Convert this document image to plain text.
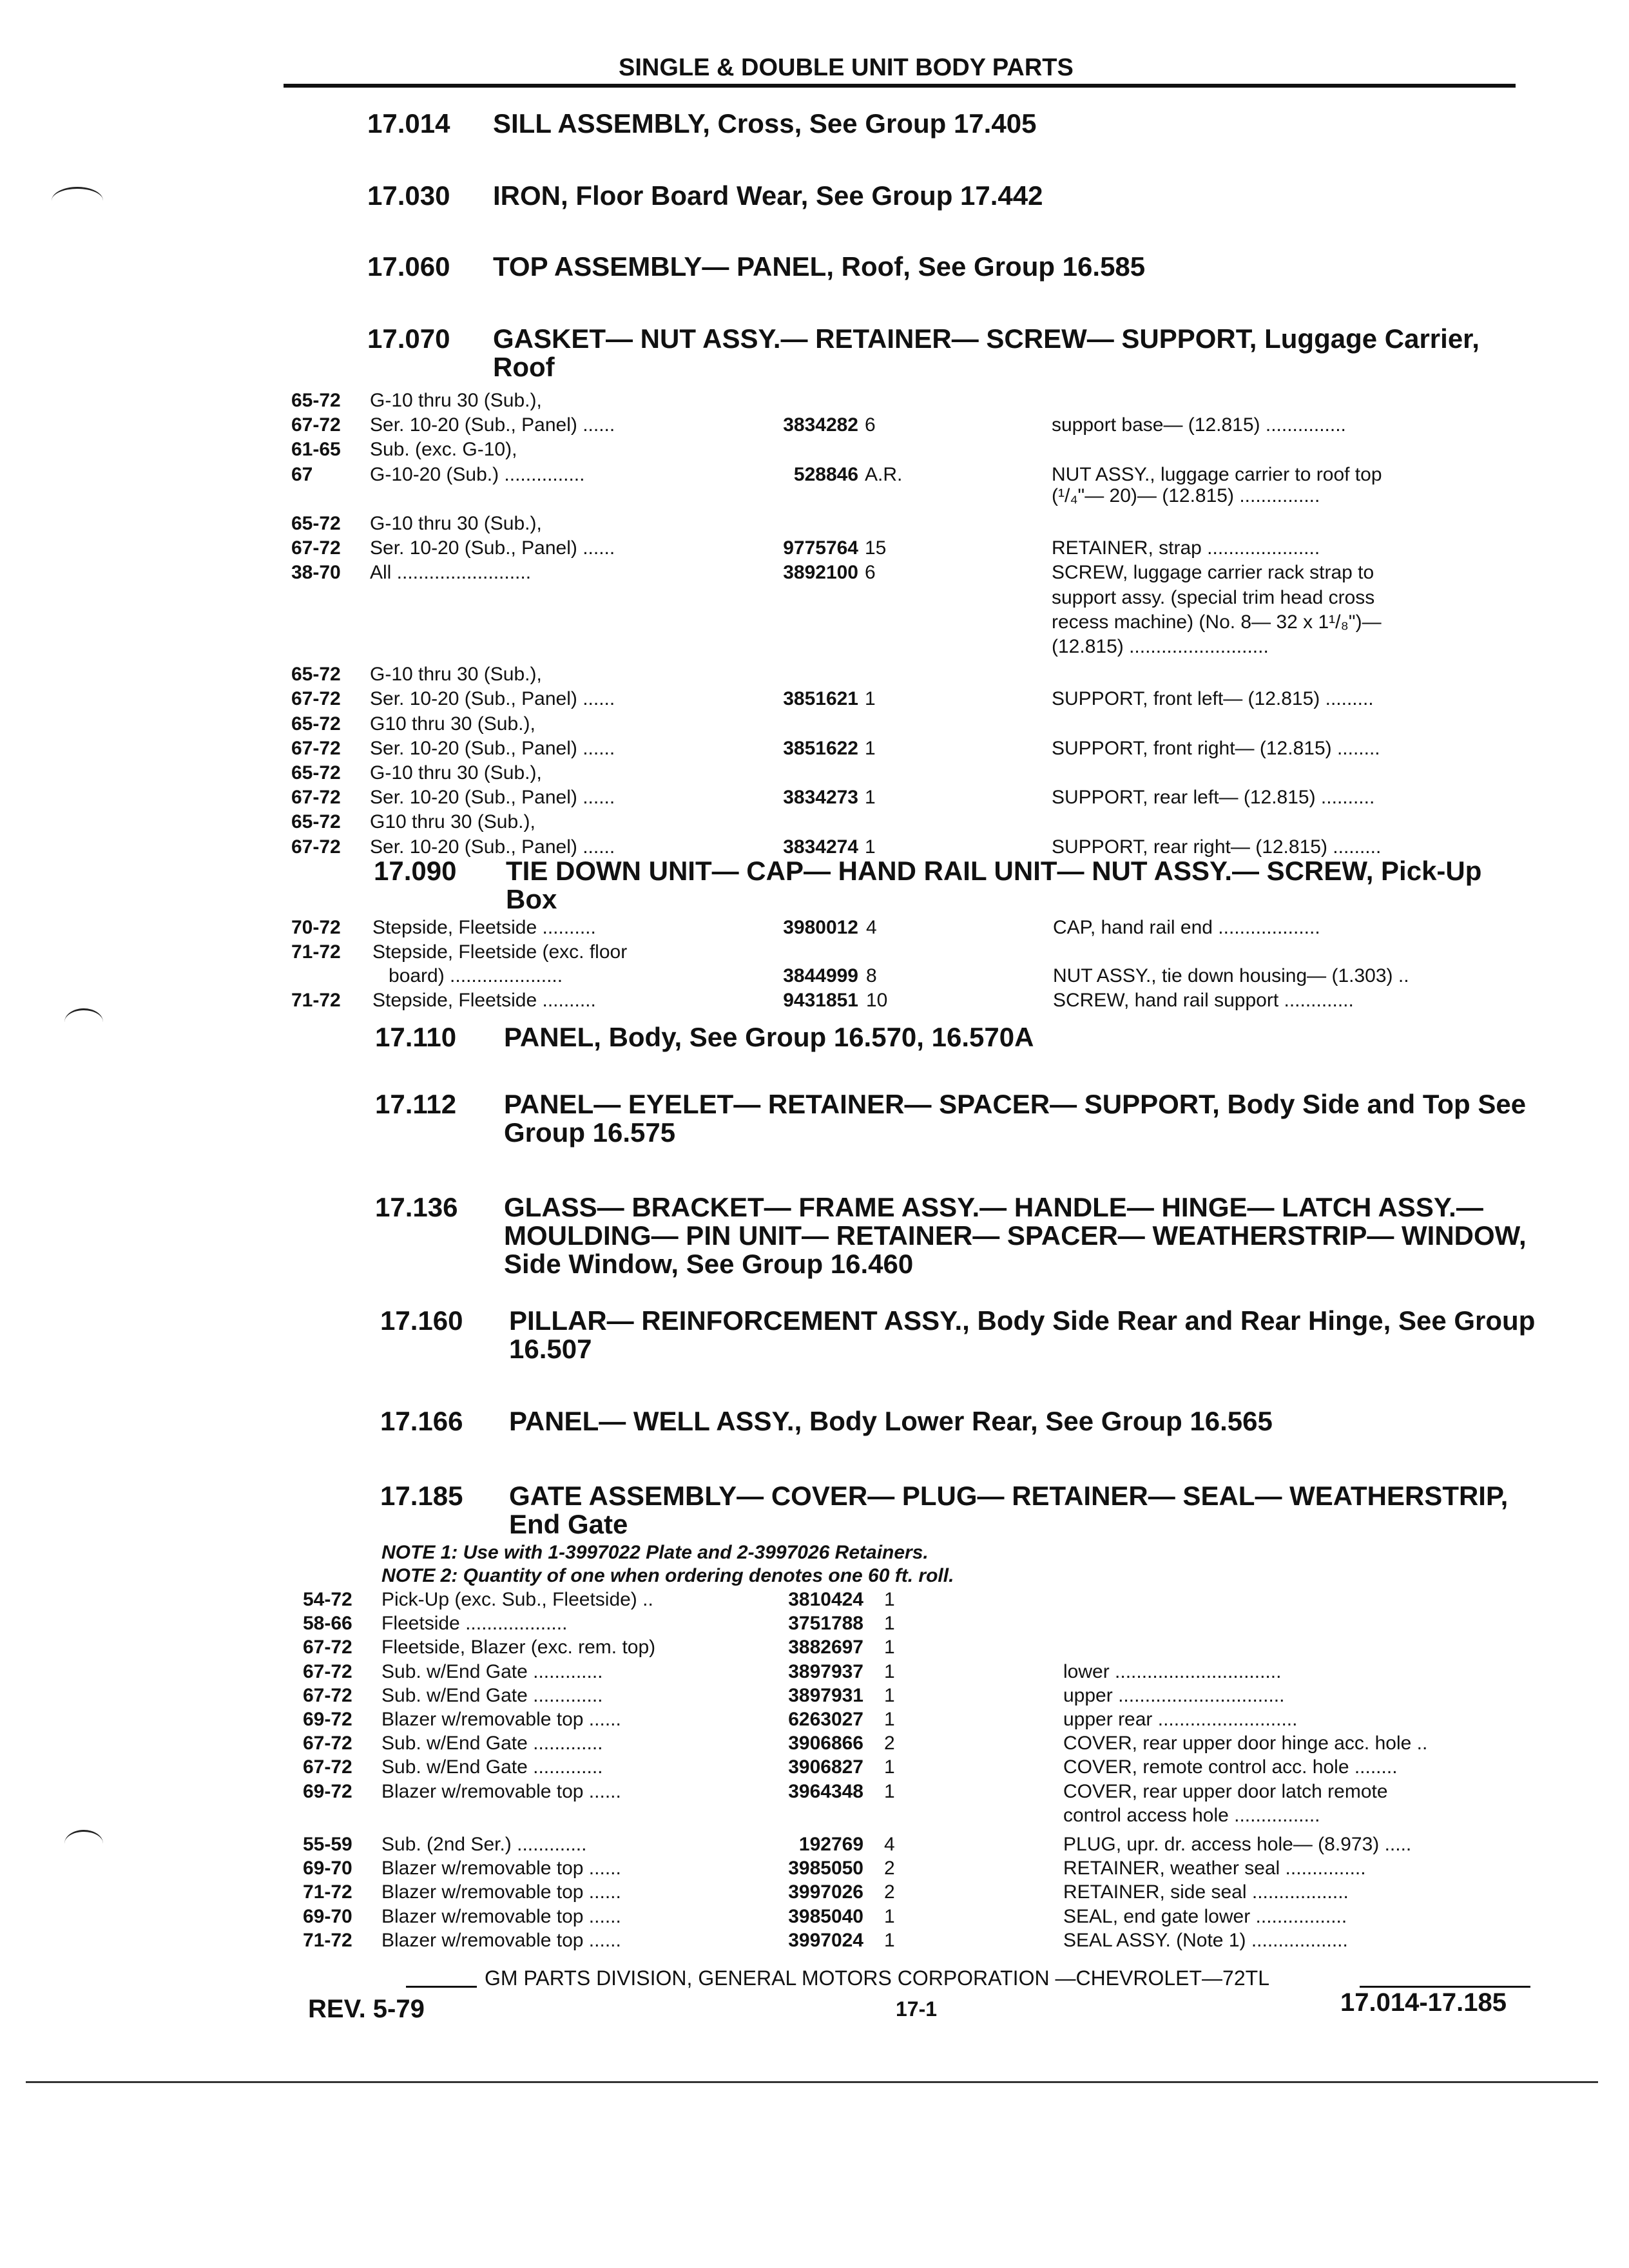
SINGLE & DOUBLE UNIT BODY PARTS
17.014 SILL ASSEMBLY, Cross, See Group 17.405
17.030 IRON, Floor Board Wear, See Group 17.442
17.060 TOP ASSEMBLY— PANEL, Roof, See Group 16.585
17.070 GASKET— NUT ASSY.— RETAINER— SCREW— SUPPORT, Luggage Carrier, Roof
65-72 G-10 thru 30 (Sub.),
67-72 Ser. 10-20 (Sub., Panel) ......	3834282 6	support base— (12.815) ...............
61-65 Sub. (exc. G-10),
67	G-10-20 (Sub.) ...............	528846 A.R.	NUT ASSY., luggage carrier to roof top
(¹/₄"— 20)— (12.815) ...............
65-72 G-10 thru 30 (Sub.),
67-72 Ser. 10-20 (Sub., Panel) ......	9775764 15	RETAINER, strap .....................
38-70 All .........................	3892100 6	SCREW, luggage carrier rack strap to
support assy. (special trim head cross
recess machine) (No. 8— 32 x 1¹/₈")—
(12.815) ..........................
65-72 G-10 thru 30 (Sub.),
67-72 Ser. 10-20 (Sub., Panel) ......	3851621 1	SUPPORT, front left— (12.815) .........
65-72 G10 thru 30 (Sub.),
67-72 Ser. 10-20 (Sub., Panel) ......	3851622 1	SUPPORT, front right— (12.815) ........
65-72 G-10 thru 30 (Sub.),
67-72 Ser. 10-20 (Sub., Panel) ......	3834273 1	SUPPORT, rear left— (12.815) ..........
65-72 G10 thru 30 (Sub.),
67-72 Ser. 10-20 (Sub., Panel) ......	3834274 1	SUPPORT, rear right— (12.815) .........
17.090 TIE DOWN UNIT— CAP— HAND RAIL UNIT— NUT ASSY.— SCREW, Pick-Up Box
70-72 Stepside, Fleetside ..........	3980012 4	CAP, hand rail end ...................
71-72 Stepside, Fleetside (exc. floor
board) .....................	3844999 8	NUT ASSY., tie down housing— (1.303) ..
71-72 Stepside, Fleetside ..........	9431851 10	SCREW, hand rail support .............
17.110 PANEL, Body, See Group 16.570, 16.570A
17.112 PANEL— EYELET— RETAINER— SPACER— SUPPORT, Body Side and Top See Group 16.575
17.136 GLASS— BRACKET— FRAME ASSY.— HANDLE— HINGE— LATCH ASSY.— MOULDING— PIN UNIT— RETAINER— SPACER— WEATHERSTRIP— WINDOW, Side Window, See Group 16.460
17.160 PILLAR— REINFORCEMENT ASSY., Body Side Rear and Rear Hinge, See Group 16.507
17.166 PANEL— WELL ASSY., Body Lower Rear, See Group 16.565
17.185 GATE ASSEMBLY— COVER— PLUG— RETAINER— SEAL— WEATHERSTRIP, End Gate
NOTE 1: Use with 1-3997022 Plate and 2-3997026 Retainers.
NOTE 2: Quantity of one when ordering denotes one 60 ft. roll.
54-72 Pick-Up (exc. Sub., Fleetside) ..	3810424 1
58-66 Fleetside ...................	3751788 1
67-72 Fleetside, Blazer (exc. rem. top)	3882697 1
67-72 Sub. w/End Gate .............	3897937 1	lower ...............................
67-72 Sub. w/End Gate .............	3897931 1	upper ...............................
69-72 Blazer w/removable top ......	6263027 1	upper rear ..........................
67-72 Sub. w/End Gate .............	3906866 2	COVER, rear upper door hinge acc. hole ..
67-72 Sub. w/End Gate .............	3906827 1	COVER, remote control acc. hole ........
69-72 Blazer w/removable top ......	3964348 1	COVER, rear upper door latch remote
control access hole ................
55-59 Sub. (2nd Ser.) .............	192769 4	PLUG, upr. dr. access hole— (8.973) .....
69-70 Blazer w/removable top ......	3985050 2	RETAINER, weather seal ...............
71-72 Blazer w/removable top ......	3997026 2	RETAINER, side seal ..................
69-70 Blazer w/removable top ......	3985040 1	SEAL, end gate lower .................
71-72 Blazer w/removable top ......	3997024 1	SEAL ASSY. (Note 1) ..................
GM PARTS DIVISION, GENERAL MOTORS CORPORATION —CHEVROLET—72TL
REV. 5-79	17-1	17.014-17.185
